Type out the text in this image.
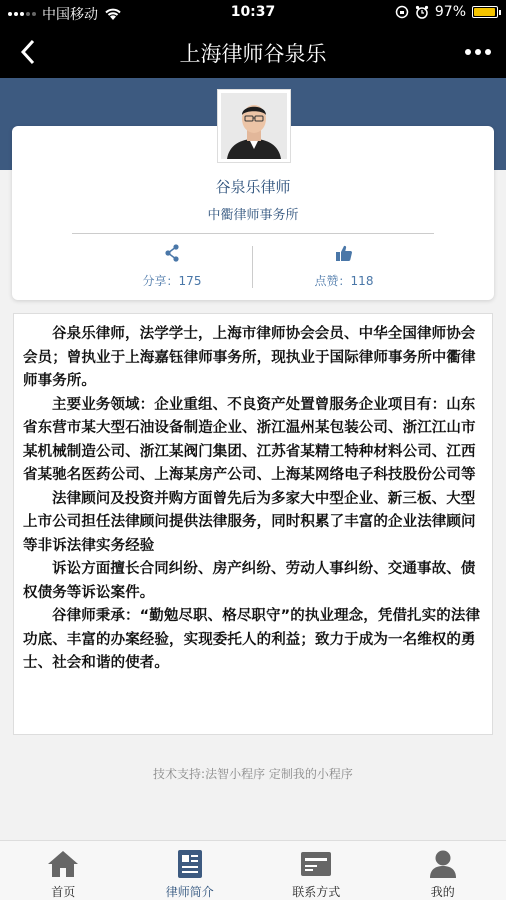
中国移动	10:37	97%
上海律师谷泉乐
谷泉乐律师
中衢律师事务所
分享：175	点赞：118

谷泉乐律师，法学学士，上海市律师协会会员、中华全国律师协会会员；曾执业于上海嘉钰律师事务所，现执业于国际律师事务所中衢律师事务所。

主要业务领域：企业重组、不良资产处置曾服务企业项目有：山东省东营市某大型石油设备制造企业、浙江温州某包装公司、浙江江山市某机械制造公司、浙江某阀门集团、江苏省某精工特种材料公司、江西省某驰名医药公司、上海某房产公司、上海某网络电子科技股份公司等

法律顾问及投资并购方面曾先后为多家大中型企业、新三板、大型上市公司担任法律顾问提供法律服务，同时积累了丰富的企业法律顾问等非诉法律实务经验

诉讼方面擅长合同纠纷、房产纠纷、劳动人事纠纷、交通事故、债权债务等诉讼案件。

谷律师秉承：“勤勉尽职、格尽职守”的执业理念，凭借扎实的法律功底、丰富的办案经验，实现委托人的利益；致力于成为一名维权的勇士、社会和谐的使者。

技术支持:法智小程序 定制我的小程序
首页	律师简介	联系方式	我的
